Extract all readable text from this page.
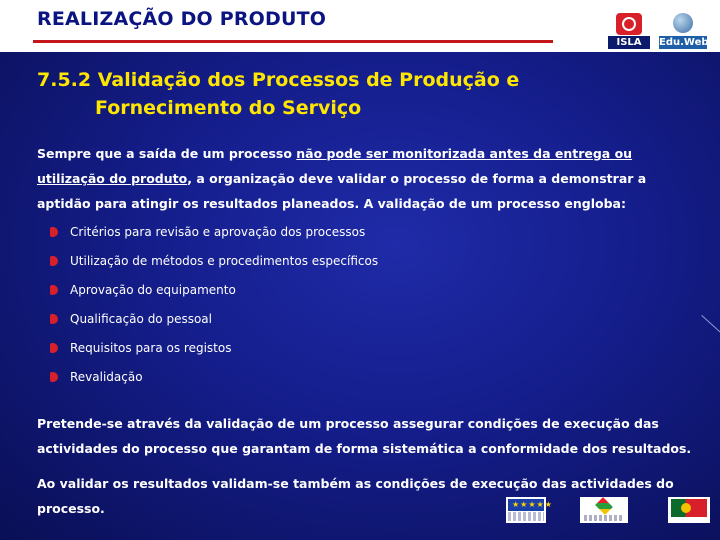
REALIZAÇÃO DO PRODUTO
ISLA	Edu.Web
7.5.2 Validação dos Processos de Produção e
Fornecimento do Serviço
Sempre que a saída de um processo não pode ser monitorizada antes da entrega ou utilização do produto, a organização deve validar o processo de forma a demonstrar a aptidão para atingir os resultados planeados. A validação de um processo engloba:
Critérios para revisão e aprovação dos processos
Utilização de métodos e procedimentos específicos
Aprovação do equipamento
Qualificação do pessoal
Requisitos para os registos
Revalidação
Pretende-se através da validação de um processo assegurar condições de execução das actividades do processo que garantam de forma sistemática a conformidade dos resultados.
Ao validar os resultados validam-se também as condições de execução das actividades do processo.
★★★★★
